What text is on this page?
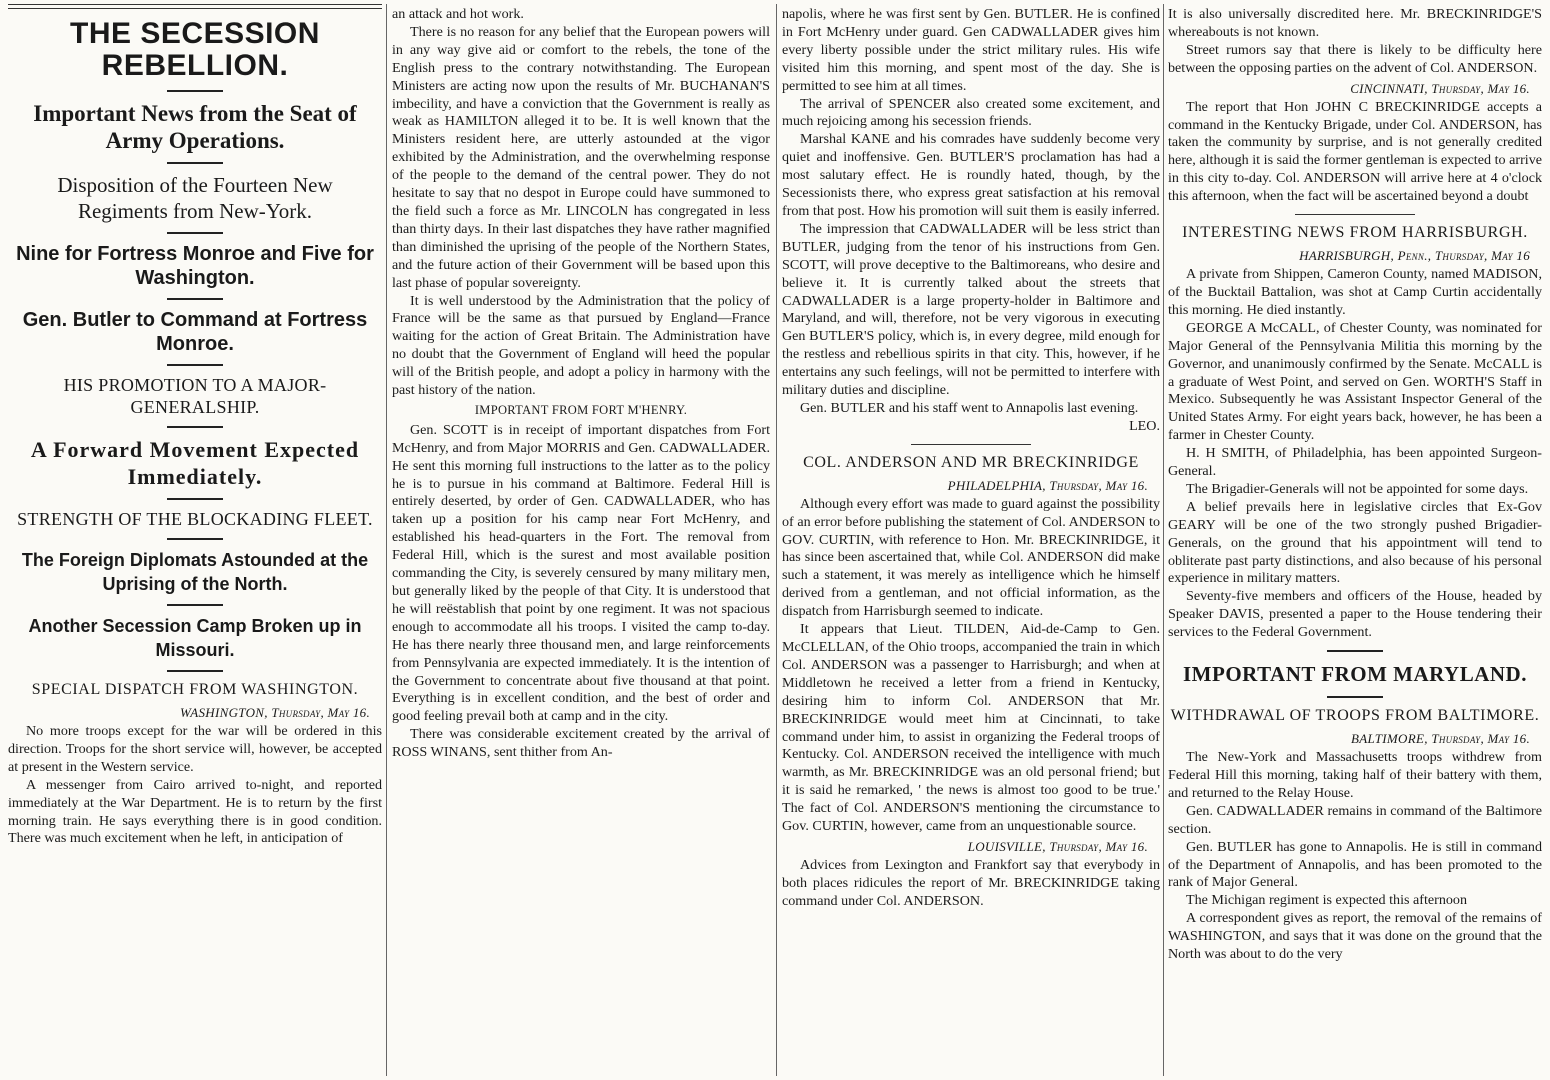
THE SECESSION REBELLION.
Important News from the Seat of Army Operations.
Disposition of the Fourteen New Regiments from New-York.
Nine for Fortress Monroe and Five for Washington.
Gen. Butler to Command at Fortress Monroe.
HIS PROMOTION TO A MAJOR-GENERALSHIP.
A Forward Movement Expected Immediately.
STRENGTH OF THE BLOCKADING FLEET.
The Foreign Diplomats Astounded at the Uprising of the North.
Another Secession Camp Broken up in Missouri.
SPECIAL DISPATCH FROM WASHINGTON.

WASHINGTON, Thursday, May 16.

No more troops except for the war will be ordered in this direction. Troops for the short service will, however, be accepted at present in the Western service.

A messenger from Cairo arrived to-night, and reported immediately at the War Department. He is to return by the first morning train. He says everything there is in good condition. There was much excitement when he left, in anticipation of

an attack and hot work.

There is no reason for any belief that the European powers will in any way give aid or comfort to the rebels, the tone of the English press to the contrary notwithstanding. The European Ministers are acting now upon the results of Mr. BUCHANAN'S imbecility, and have a conviction that the Government is really as weak as HAMILTON alleged it to be. It is well known that the Ministers resident here, are utterly astounded at the vigor exhibited by the Administration, and the overwhelming response of the people to the demand of the central power. They do not hesitate to say that no despot in Europe could have summoned to the field such a force as Mr. LINCOLN has congregated in less than thirty days. In their last dispatches they have rather magnified than diminished the uprising of the people of the Northern States, and the future action of their Government will be based upon this last phase of popular sovereignty.

It is well understood by the Administration that the policy of France will be the same as that pursued by England—France waiting for the action of Great Britain. The Administration have no doubt that the Government of England will heed the popular will of the British people, and adopt a policy in harmony with the past history of the nation.

IMPORTANT FROM FORT M'HENRY.

Gen. SCOTT is in receipt of important dispatches from Fort McHenry, and from Major MORRIS and Gen. CADWALLADER. He sent this morning full instructions to the latter as to the policy he is to pursue in his command at Baltimore. Federal Hill is entirely deserted, by order of Gen. CADWALLADER, who has taken up a position for his camp near Fort McHenry, and established his head-quarters in the Fort. The removal from Federal Hill, which is the surest and most available position commanding the City, is severely censured by many military men, but generally liked by the people of that City. It is understood that he will reëstablish that point by one regiment. It was not spacious enough to accommodate all his troops. I visited the camp to-day. He has there nearly three thousand men, and large reinforcements from Pennsylvania are expected immediately. It is the intention of the Government to concentrate about five thousand at that point. Everything is in excellent condition, and the best of order and good feeling prevail both at camp and in the city.

There was considerable excitement created by the arrival of ROSS WINANS, sent thither from An-

napolis, where he was first sent by Gen. BUTLER. He is confined in Fort McHenry under guard. Gen CADWALLADER gives him every liberty possible under the strict military rules. His wife visited him this morning, and spent most of the day. She is permitted to see him at all times.

The arrival of SPENCER also created some excitement, and much rejoicing among his secession friends.

Marshal KANE and his comrades have suddenly become very quiet and inoffensive. Gen. BUTLER'S proclamation has had a most salutary effect. He is roundly hated, though, by the Secessionists there, who express great satisfaction at his removal from that post. How his promotion will suit them is easily inferred.

The impression that CADWALLADER will be less strict than BUTLER, judging from the tenor of his instructions from Gen. SCOTT, will prove deceptive to the Baltimoreans, who desire and believe it. It is currently talked about the streets that CADWALLADER is a large property-holder in Baltimore and Maryland, and will, therefore, not be very vigorous in executing Gen BUTLER'S policy, which is, in every degree, mild enough for the restless and rebellious spirits in that city. This, however, if he entertains any such feelings, will not be permitted to interfere with military duties and discipline.

Gen. BUTLER and his staff went to Annapolis last evening.

LEO.

COL. ANDERSON AND MR BRECKINRIDGE

PHILADELPHIA, Thursday, May 16.

Although every effort was made to guard against the possibility of an error before publishing the statement of Col. ANDERSON to GOV. CURTIN, with reference to Hon. Mr. BRECKINRIDGE, it has since been ascertained that, while Col. ANDERSON did make such a statement, it was merely as intelligence which he himself derived from a gentleman, and not official information, as the dispatch from Harrisburgh seemed to indicate.

It appears that Lieut. TILDEN, Aid-de-Camp to Gen. McCLELLAN, of the Ohio troops, accompanied the train in which Col. ANDERSON was a passenger to Harrisburgh; and when at Middletown he received a letter from a friend in Kentucky, desiring him to inform Col. ANDERSON that Mr. BRECKINRIDGE would meet him at Cincinnati, to take command under him, to assist in organizing the Federal troops of Kentucky. Col. ANDERSON received the intelligence with much warmth, as Mr. BRECKINRIDGE was an old personal friend; but it is said he remarked, ' the news is almost too good to be true.' The fact of Col. ANDERSON'S mentioning the circumstance to Gov. CURTIN, however, came from an unquestionable source.

LOUISVILLE, Thursday, May 16.

Advices from Lexington and Frankfort say that everybody in both places ridicules the report of Mr. BRECKINRIDGE taking command under Col. ANDERSON.

It is also universally discredited here. Mr. BRECKINRIDGE'S whereabouts is not known.

Street rumors say that there is likely to be difficulty here between the opposing parties on the advent of Col. ANDERSON.

CINCINNATI, Thursday, May 16.

The report that Hon JOHN C BRECKINRIDGE accepts a command in the Kentucky Brigade, under Col. ANDERSON, has taken the community by surprise, and is not generally credited here, although it is said the former gentleman is expected to arrive in this city to-day. Col. ANDERSON will arrive here at 4 o'clock this afternoon, when the fact will be ascertained beyond a doubt

INTERESTING NEWS FROM HARRISBURGH.

HARRISBURGH, Penn., Thursday, May 16

A private from Shippen, Cameron County, named MADISON, of the Bucktail Battalion, was shot at Camp Curtin accidentally this morning. He died instantly.

GEORGE A McCALL, of Chester County, was nominated for Major General of the Pennsylvania Militia this morning by the Governor, and unanimously confirmed by the Senate. McCALL is a graduate of West Point, and served on Gen. WORTH'S Staff in Mexico. Subsequently he was Assistant Inspector General of the United States Army. For eight years back, however, he has been a farmer in Chester County.

H. H SMITH, of Philadelphia, has been appointed Surgeon-General.

The Brigadier-Generals will not be appointed for some days.

A belief prevails here in legislative circles that Ex-Gov GEARY will be one of the two strongly pushed Brigadier-Generals, on the ground that his appointment will tend to obliterate past party distinctions, and also because of his personal experience in military matters.

Seventy-five members and officers of the House, headed by Speaker DAVIS, presented a paper to the House tendering their services to the Federal Government.

IMPORTANT FROM MARYLAND.
WITHDRAWAL OF TROOPS FROM BALTIMORE.

BALTIMORE, Thursday, May 16.

The New-York and Massachusetts troops withdrew from Federal Hill this morning, taking half of their battery with them, and returned to the Relay House.

Gen. CADWALLADER remains in command of the Baltimore section.

Gen. BUTLER has gone to Annapolis. He is still in command of the Department of Annapolis, and has been promoted to the rank of Major General.

The Michigan regiment is expected this afternoon

A correspondent gives as report, the removal of the remains of WASHINGTON, and says that it was done on the ground that the North was about to do the very
